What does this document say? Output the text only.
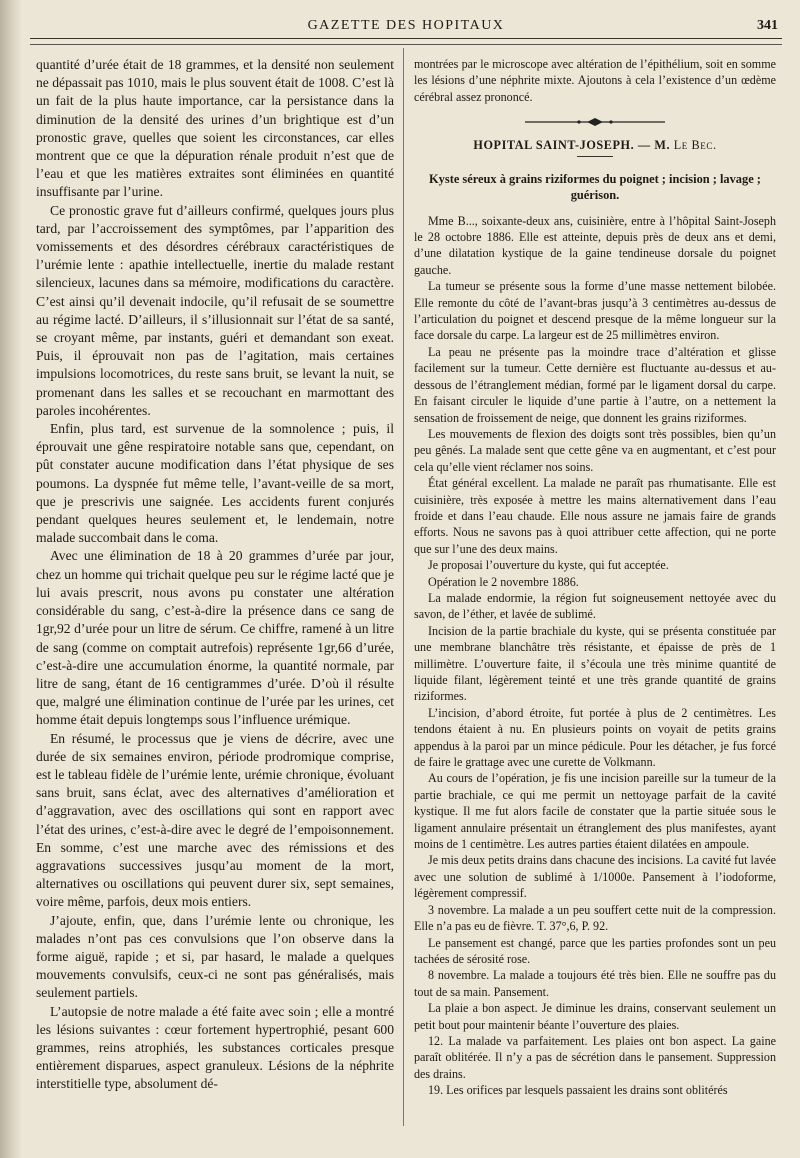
GAZETTE DES HOPITAUX	341

quantité d’urée était de 18 grammes, et la densité non seulement ne dépassait pas 1010, mais le plus souvent était de 1008. C’est là un fait de la plus haute importance, car la persistance dans la diminution de la densité des urines d’un brightique est d’un pronostic grave, quelles que soient les circonstances, car elles montrent que ce que la dépuration rénale produit n’est que de l’eau et que les matières extraites sont éliminées en quantité insuffisante par l’urine.

Ce pronostic grave fut d’ailleurs confirmé, quelques jours plus tard, par l’accroissement des symptômes, par l’apparition des vomissements et des désordres cérébraux caractéristiques de l’urémie lente : apathie intellectuelle, inertie du malade restant silencieux, lacunes dans sa mémoire, modifications du caractère. C’est ainsi qu’il devenait indocile, qu’il refusait de se soumettre au régime lacté. D’ailleurs, il s’illusionnait sur l’état de sa santé, se croyant même, par instants, guéri et demandant son exeat. Puis, il éprouvait non pas de l’agitation, mais certaines impulsions locomotrices, du reste sans bruit, se levant la nuit, se promenant dans les salles et se recouchant en marmottant des paroles incohérentes.

Enfin, plus tard, est survenue de la somnolence ; puis, il éprouvait une gêne respiratoire notable sans que, cependant, on pût constater aucune modification dans l’état physique de ses poumons. La dyspnée fut même telle, l’avant-veille de sa mort, que je prescrivis une saignée. Les accidents furent conjurés pendant quelques heures seulement et, le lendemain, notre malade succombait dans le coma.

Avec une élimination de 18 à 20 grammes d’urée par jour, chez un homme qui trichait quelque peu sur le régime lacté que je lui avais prescrit, nous avons pu constater une altération considérable du sang, c’est-à-dire la présence dans ce sang de 1gr,92 d’urée pour un litre de sérum. Ce chiffre, ramené à un litre de sang (comme on comptait autrefois) représente 1gr,66 d’urée, c’est-à-dire une accumulation énorme, la quantité normale, par litre de sang, étant de 16 centigrammes d’urée. D’où il résulte que, malgré une élimination continue de l’urée par les urines, cet homme était depuis longtemps sous l’influence urémique.

En résumé, le processus que je viens de décrire, avec une durée de six semaines environ, période prodromique comprise, est le tableau fidèle de l’urémie lente, urémie chronique, évoluant sans bruit, sans éclat, avec des alternatives d’amélioration et d’aggravation, avec des oscillations qui sont en rapport avec l’état des urines, c’est-à-dire avec le degré de l’empoisonnement. En somme, c’est une marche avec des rémissions et des aggravations successives jusqu’au moment de la mort, alternatives ou oscillations qui peuvent durer six, sept semaines, voire même, parfois, deux mois entiers.

J’ajoute, enfin, que, dans l’urémie lente ou chronique, les malades n’ont pas ces convulsions que l’on observe dans la forme aiguë, rapide ; et si, par hasard, le malade a quelques mouvements convulsifs, ceux-ci ne sont pas généralisés, mais seulement partiels.

L’autopsie de notre malade a été faite avec soin ; elle a montré les lésions suivantes : cœur fortement hypertrophié, pesant 600 grammes, reins atrophiés, les substances corticales presque entièrement disparues, aspect granuleux. Lésions de la néphrite interstitielle type, absolument dé-

montrées par le microscope avec altération de l’épithélium, soit en somme les lésions d’une néphrite mixte. Ajoutons à cela l’existence d’un œdème cérébral assez prononcé.

HOPITAL SAINT-JOSEPH. — M. Le Bec.
Kyste séreux à grains riziformes du poignet ; incision ; lavage ; guérison.

Mme B..., soixante-deux ans, cuisinière, entre à l’hôpital Saint-Joseph le 28 octobre 1886. Elle est atteinte, depuis près de deux ans et demi, d’une dilatation kystique de la gaine tendineuse dorsale du poignet gauche.

La tumeur se présente sous la forme d’une masse nettement bilobée. Elle remonte du côté de l’avant-bras jusqu’à 3 centimètres au-dessus de l’articulation du poignet et descend presque de la même longueur sur la face dorsale du carpe. La largeur est de 25 millimètres environ.

La peau ne présente pas la moindre trace d’altération et glisse facilement sur la tumeur. Cette dernière est fluctuante au-dessus et au-dessous de l’étranglement médian, formé par le ligament dorsal du carpe. En faisant circuler le liquide d’une partie à l’autre, on a nettement la sensation de froissement de neige, que donnent les grains riziformes.

Les mouvements de flexion des doigts sont très possibles, bien qu’un peu gênés. La malade sent que cette gêne va en augmentant, et c’est pour cela qu’elle vient réclamer nos soins.

État général excellent. La malade ne paraît pas rhumatisante. Elle est cuisinière, très exposée à mettre les mains alternativement dans l’eau froide et dans l’eau chaude. Elle nous assure ne jamais faire de grands efforts. Nous ne savons pas à quoi attribuer cette affection, qui ne porte que sur l’une des deux mains.

Je proposai l’ouverture du kyste, qui fut acceptée.

Opération le 2 novembre 1886.

La malade endormie, la région fut soigneusement nettoyée avec du savon, de l’éther, et lavée de sublimé.

Incision de la partie brachiale du kyste, qui se présenta constituée par une membrane blanchâtre très résistante, et épaisse de près de 1 millimètre. L’ouverture faite, il s’écoula une très minime quantité de liquide filant, légèrement teinté et une très grande quantité de grains riziformes.

L’incision, d’abord étroite, fut portée à plus de 2 centimètres. Les tendons étaient à nu. En plusieurs points on voyait de petits grains appendus à la paroi par un mince pédicule. Pour les détacher, je fus forcé de faire le grattage avec une curette de Volkmann.

Au cours de l’opération, je fis une incision pareille sur la tumeur de la partie brachiale, ce qui me permit un nettoyage parfait de la cavité kystique. Il me fut alors facile de constater que la partie située sous le ligament annulaire présentait un étranglement des plus manifestes, ayant moins de 1 centimètre. Les autres parties étaient dilatées en ampoule.

Je mis deux petits drains dans chacune des incisions. La cavité fut lavée avec une solution de sublimé à 1/1000e. Pansement à l’iodoforme, légèrement compressif.

3 novembre. La malade a un peu souffert cette nuit de la compression. Elle n’a pas eu de fièvre. T. 37°,6, P. 92.

Le pansement est changé, parce que les parties profondes sont un peu tachées de sérosité rose.

8 novembre. La malade a toujours été très bien. Elle ne souffre pas du tout de sa main. Pansement.

La plaie a bon aspect. Je diminue les drains, conservant seulement un petit bout pour maintenir béante l’ouverture des plaies.

12. La malade va parfaitement. Les plaies ont bon aspect. La gaine paraît oblitérée. Il n’y a pas de sécrétion dans le pansement. Suppression des drains.

19. Les orifices par lesquels passaient les drains sont oblitérés
